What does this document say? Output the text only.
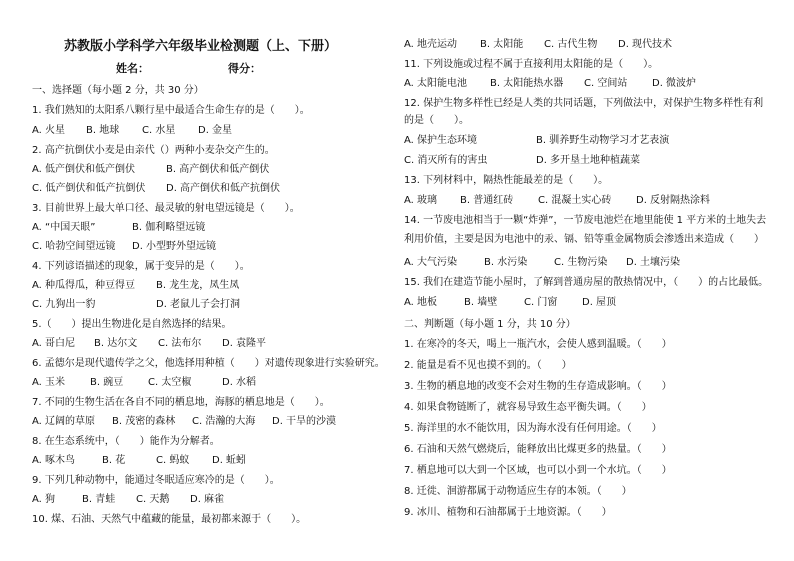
苏教版小学科学六年级毕业检测题（上、下册）
姓名：	得分：
一、选择题（每小题 2 分，共 30 分）
1. 我们熟知的太阳系八颗行星中最适合生命生存的是（　　）。
A. 火星 B. 地球 C. 水星 D. 金星
2. 高产抗倒伏小麦是由亲代（）两种小麦杂交产生的。
A. 低产倒伏和低产倒伏	B. 高产倒伏和低产倒伏
C. 低产倒伏和低产抗倒伏 D. 高产倒伏和低产抗倒伏
3. 目前世界上最大单口径、最灵敏的射电望远镜是（　　）。
A. “中国天眼”	B. 伽利略望远镜
C. 哈勃空间望远镜 D. 小型野外望远镜
4. 下列谚语描述的现象，属于变异的是（　　）。
A. 种瓜得瓜，种豆得豆 B. 龙生龙，凤生凤
C. 九狗出一豹	D. 老鼠儿子会打洞
5.（　　）提出生物进化是自然选择的结果。
A. 哥白尼 B. 达尔文 C. 法布尔 D. 袁隆平
6. 孟德尔是现代遗传学之父，他选择用种植（　　）对遗传现象进行实验研究。
A. 玉米 B. 豌豆 C. 太空椒	D. 水稻
7. 不同的生物生活在各自不同的栖息地，海豚的栖息地是（　　）。
A. 辽阔的草原 B. 茂密的森林 C. 浩瀚的大海 D. 干旱的沙漠
8. 在生态系统中，（　　）能作为分解者。
A. 啄木鸟	B. 花	C. 蚂蚁 D. 蚯蚓
9. 下列几种动物中，能通过冬眠适应寒冷的是（　　）。
A. 狗	B. 青蛙 C. 天鹅 D. 麻雀
10. 煤、石油、天然气中蕴藏的能量，最初都来源于（　　）。
A. 地壳运动 B. 太阳能 C. 古代生物 D. 现代技术
11. 下列设施或过程不属于直接利用太阳能的是（　　）。
A. 太阳能电池 B. 太阳能热水器 C. 空间站 D. 微波炉
12. 保护生物多样性已经是人类的共同话题，下列做法中，对保护生物多样性有利
的是（　　）。
A. 保护生态环境	B. 驯养野生动物学习才艺表演
C. 消灭所有的害虫	D. 多开垦土地种植蔬菜
13. 下列材料中，隔热性能最差的是（　　）。
A. 玻璃 B. 普通红砖 C. 混凝土实心砖 D. 反射隔热涂料
14. 一节废电池相当于一颗“炸弹”，一节废电池烂在地里能使 1 平方米的土地失去
利用价值，主要是因为电池中的汞、镉、铅等重金属物质会渗透出来造成（　　）
A. 大气污染	B. 水污染	C. 生物污染 D. 土壤污染
15. 我们在建造节能小屋时，了解到普通房屋的散热情况中，（　　）的占比最低。
A. 地板	B. 墙壁	C. 门窗 D. 屋顶
二、判断题（每小题 1 分，共 10 分）
1. 在寒冷的冬天，喝上一瓶汽水，会使人感到温暖。（　　）
2. 能量是看不见也摸不到的。（　　）
3. 生物的栖息地的改变不会对生物的生存造成影响。（　　）
4. 如果食物链断了，就容易导致生态平衡失调。（　　）
5. 海洋里的水不能饮用，因为海水没有任何用途。（　　）
6. 石油和天然气燃烧后，能释放出比煤更多的热量。（　　）
7. 栖息地可以大到一个区域，也可以小到一个水坑。（　　）
8. 迁徙、洄游都属于动物适应生存的本领。（　　）
9. 冰川、植物和石油都属于土地资源。（　　）
